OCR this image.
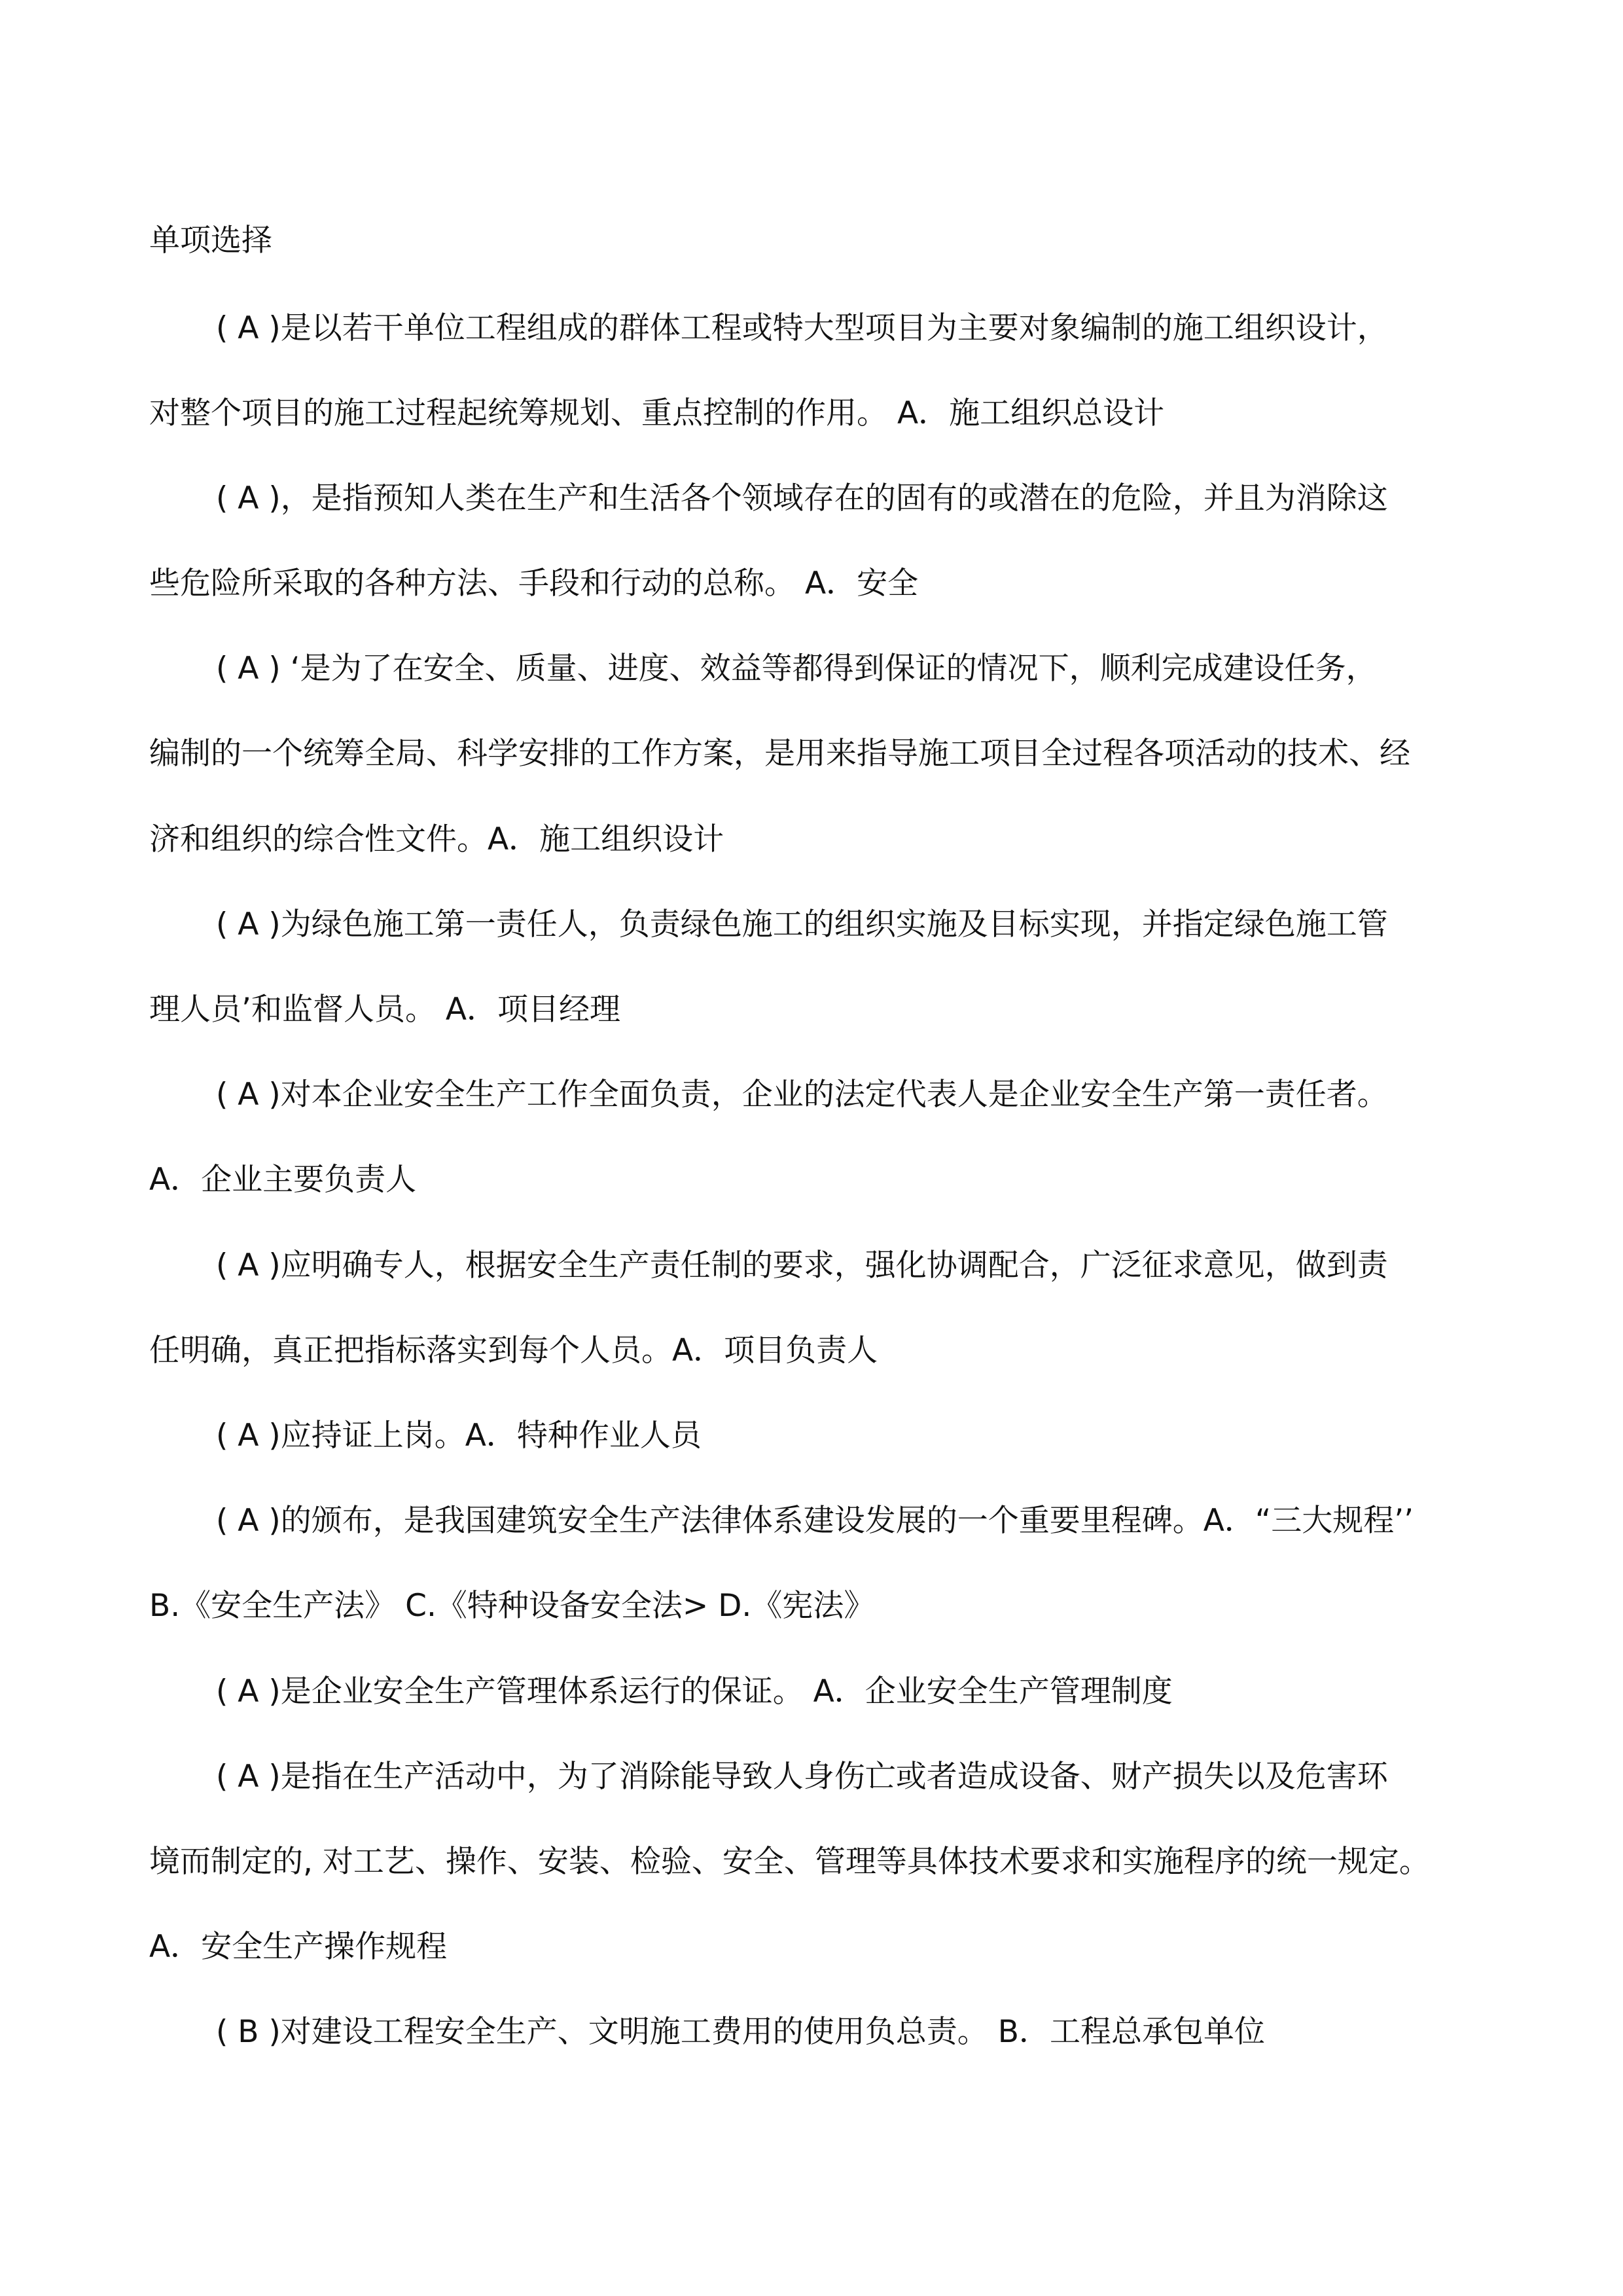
单项选择
( A )是以若干单位工程组成的群体工程或特大型项目为主要对象编制的施工组织设计，
对整个项目的施工过程起统筹规划、重点控制的作用。 A．施工组织总设计
( A )，是指预知人类在生产和生活各个领域存在的固有的或潜在的危险，并且为消除这
些危险所采取的各种方法、手段和行动的总称。 A．安全
( A ) ‘是为了在安全、质量、进度、效益等都得到保证的情况下，顺利完成建设任务，
编制的一个统筹全局、科学安排的工作方案，是用来指导施工项目全过程各项活动的技术、经
济和组织的综合性文件。A．施工组织设计
( A )为绿色施工第一责任人，负责绿色施工的组织实施及目标实现，并指定绿色施工管
理人员’和监督人员。 A．项目经理
( A )对本企业安全生产工作全面负责，企业的法定代表人是企业安全生产第一责任者。
A．企业主要负责人
( A )应明确专人，根据安全生产责任制的要求，强化协调配合，广泛征求意见，做到责
任明确，真正把指标落实到每个人员。A．项目负责人
( A )应持证上岗。A．特种作业人员
( A )的颁布，是我国建筑安全生产法律体系建设发展的一个重要里程碑。A．“三大规程’’
B.《安全生产法》 C.《特种设备安全法> D.《宪法》
( A )是企业安全生产管理体系运行的保证。 A．企业安全生产管理制度
( A )是指在生产活动中，为了消除能导致人身伤亡或者造成设备、财产损失以及危害环
境而制定的, 对工艺、操作、安装、检验、安全、管理等具体技术要求和实施程序的统一规定。
A．安全生产操作规程
( B )对建设工程安全生产、文明施工费用的使用负总责。 B．工程总承包单位
